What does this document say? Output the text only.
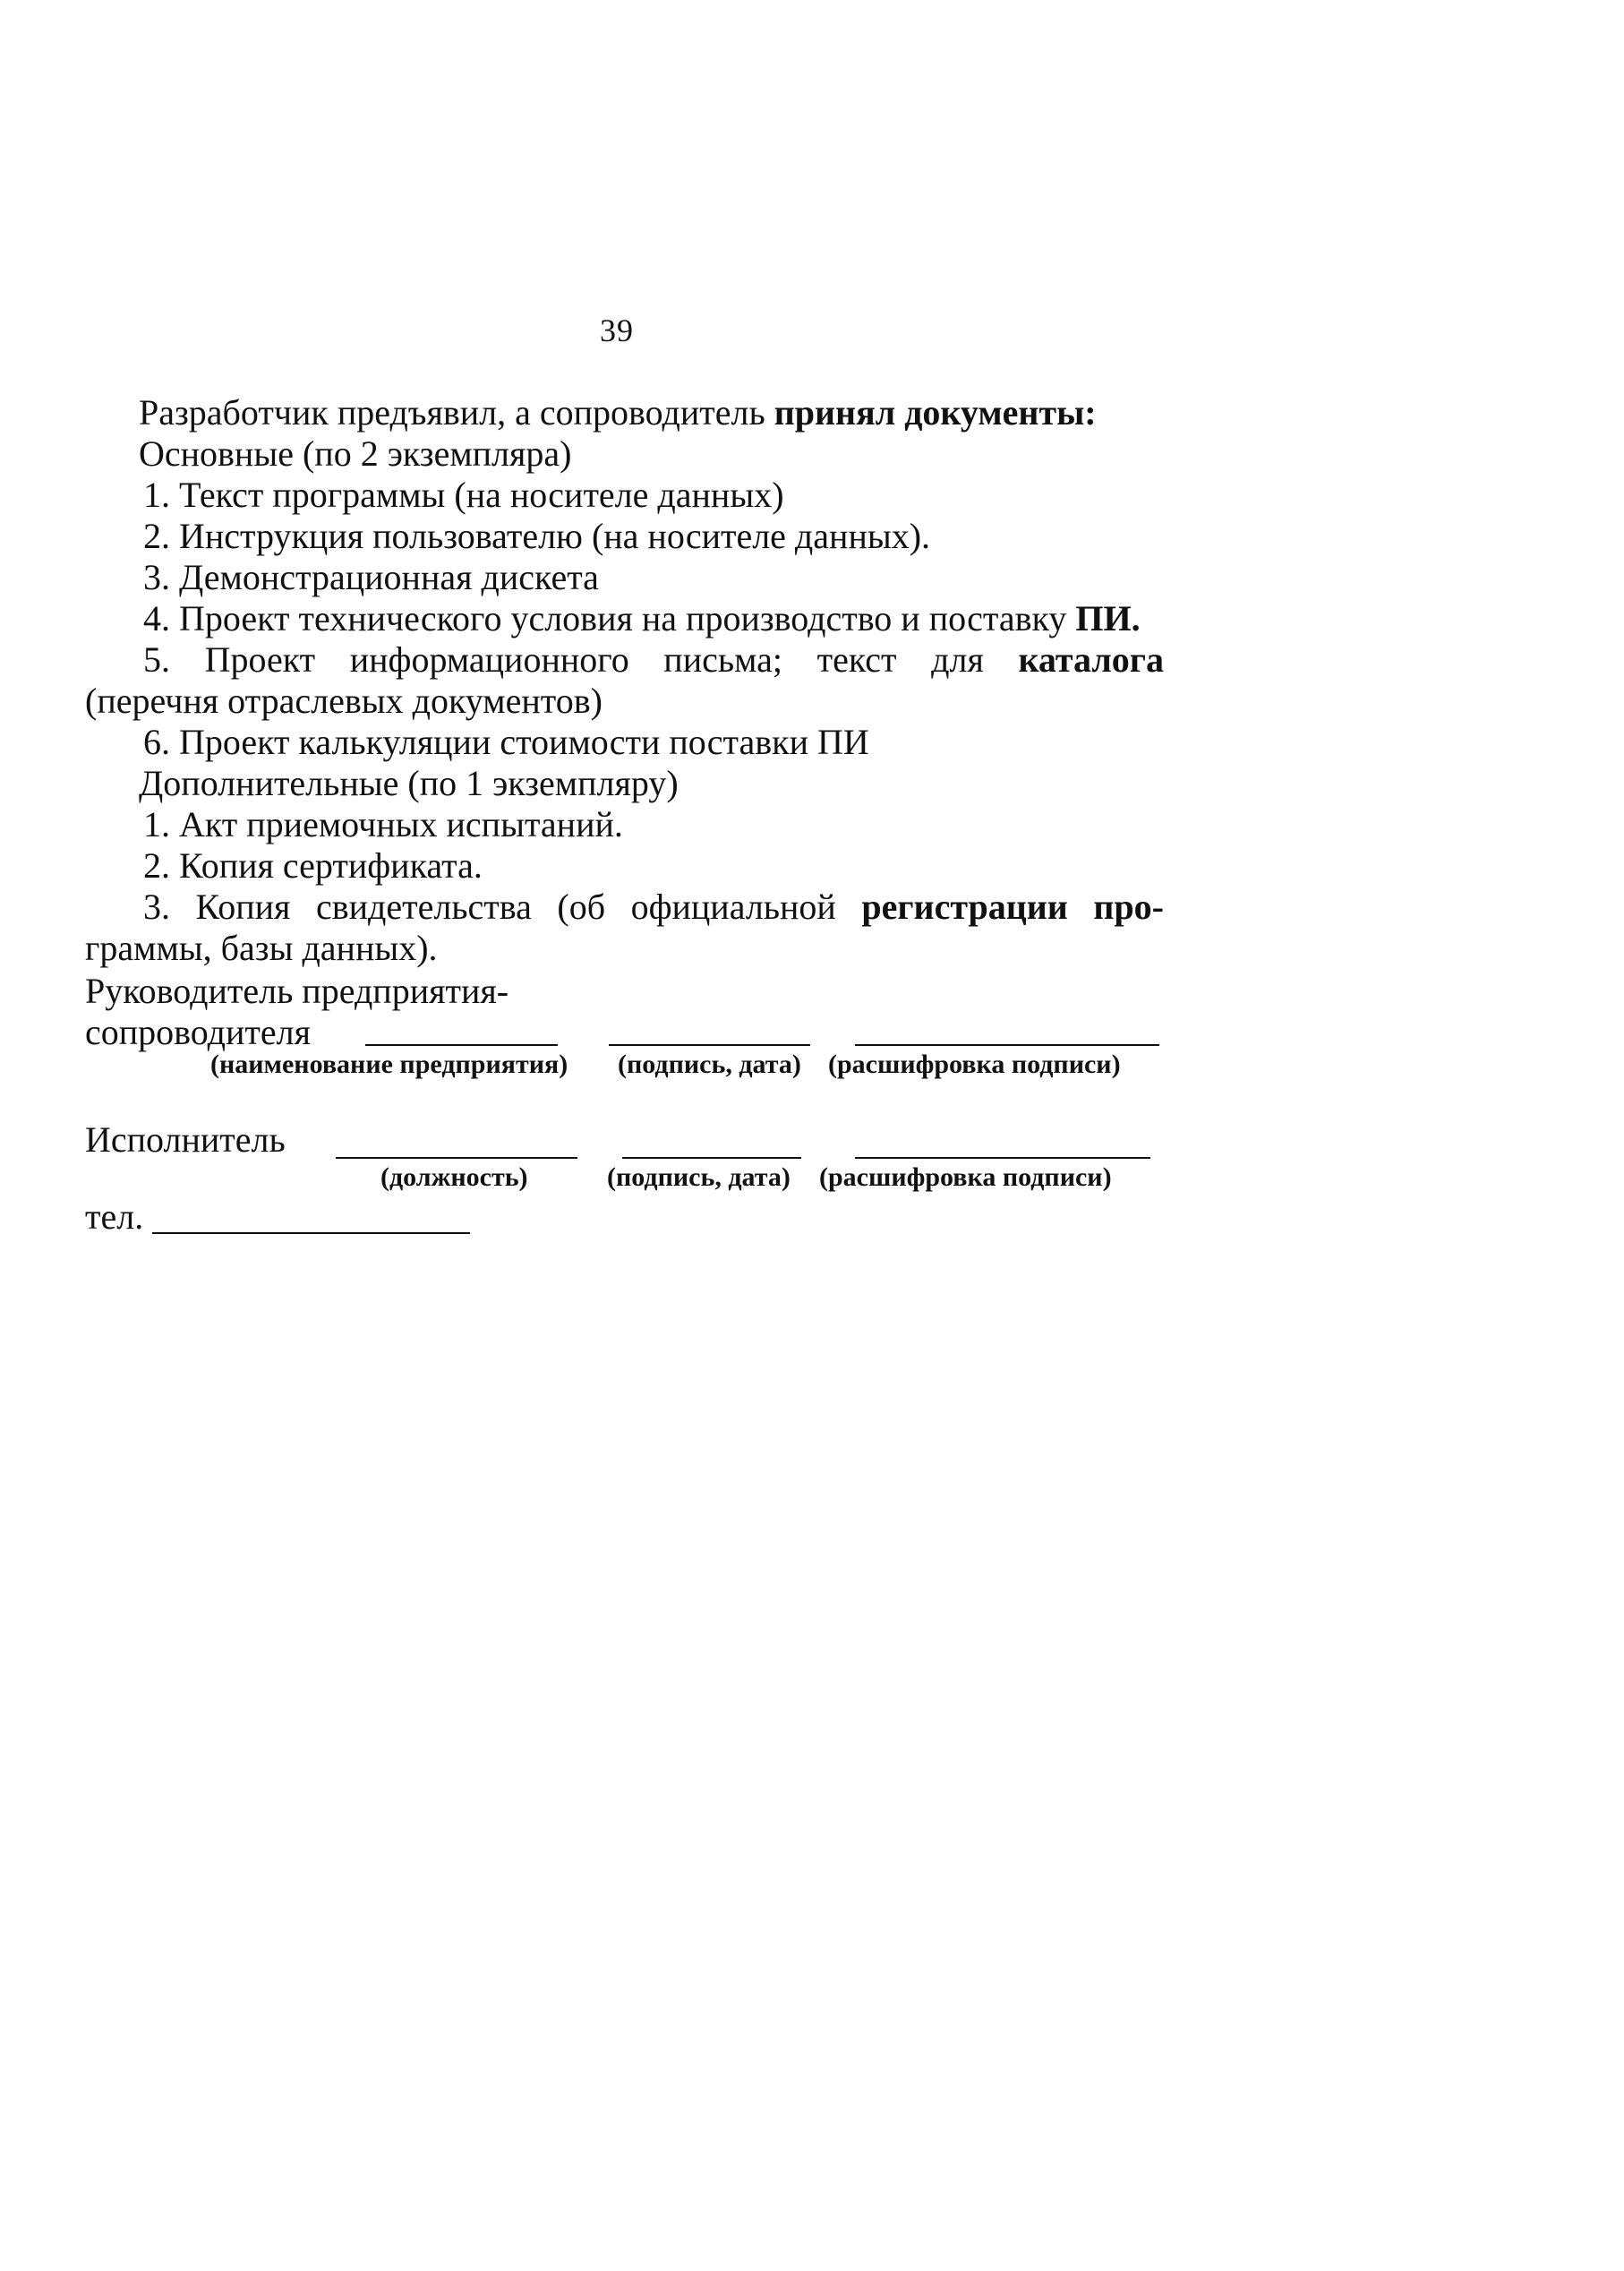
39
Разработчик предъявил, а сопроводитель принял документы:
Основные (по 2 экземпляра)
1. Текст программы (на носителе данных)
2. Инструкция пользователю (на носителе данных).
3. Демонстрационная дискета
4. Проект технического условия на производство и поставку ПИ.
5. Проект информационного письма; текст для каталога
(перечня отраслевых документов)
6. Проект калькуляции стоимости поставки ПИ
Дополнительные (по 1 экземпляру)
1. Акт приемочных испытаний.
2. Копия сертификата.
3. Копия свидетельства (об официальной регистрации про-
граммы, базы данных).
Руководитель предприятия-
сопроводителя
(наименование предприятия) (подпись, дата) (расшифровка подписи)
Исполнитель
(должность)	(подпись, дата) (расшифровка подписи)
тел.
